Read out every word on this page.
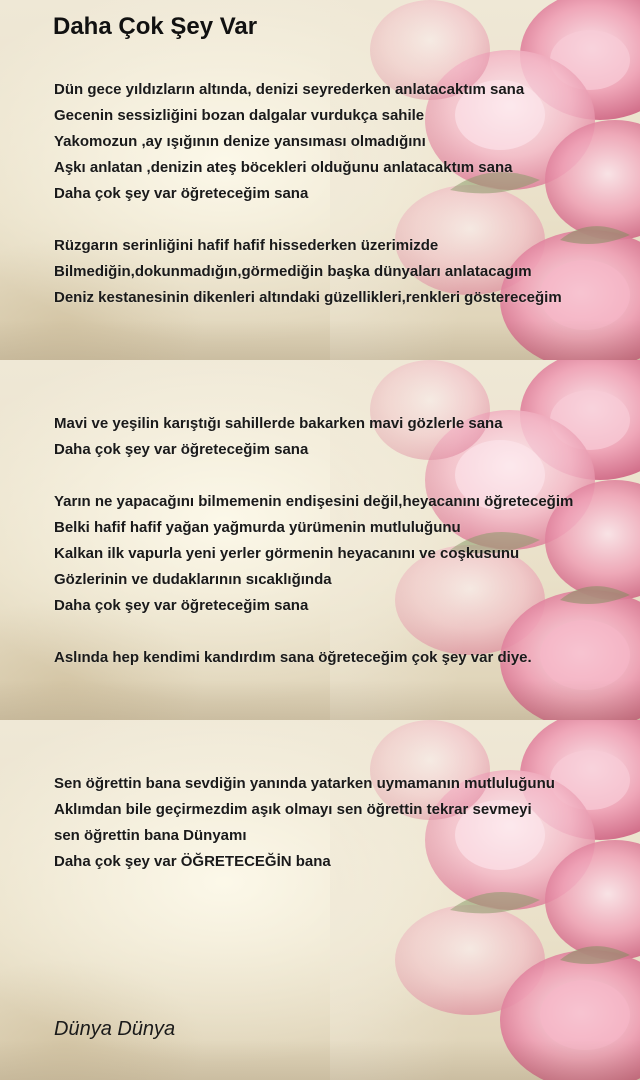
Daha Çok Şey Var
Dün gece yıldızların altında, denizi seyrederken anlatacaktım sana
Gecenin sessizliğini bozan dalgalar vurdukça sahile
Yakomozun ,ay ışığının denize yansıması olmadığını
Aşkı anlatan ,denizin ateş böcekleri olduğunu anlatacaktım sana
Daha çok şey var öğreteceğim sana
Rüzgarın serinliğini hafif hafif hissederken üzerimizde
Bilmediğin,dokunmadığın,görmediğin başka dünyaları anlatacagım
Deniz kestanesinin dikenleri altındaki güzellikleri,renkleri göstereceğim
Mavi ve yeşilin karıştığı sahillerde bakarken mavi gözlerle sana
Daha çok şey var öğreteceğim sana
Yarın ne yapacağını bilmemenin endişesini değil,heyacanını öğreteceğim
Belki hafif hafif yağan yağmurda yürümenin mutluluğunu
Kalkan ilk vapurla yeni yerler görmenin heyacanını ve coşkusunu
Gözlerinin ve dudaklarının sıcaklığında
Daha çok şey var öğreteceğim sana
Aslında hep kendimi kandırdım sana öğreteceğim çok şey var diye.
Sen öğrettin bana sevdiğin yanında yatarken uymamanın mutluluğunu
Aklımdan bile geçirmezdim aşık olmayı sen öğrettin tekrar sevmeyi
sen öğrettin bana Dünyamı
Daha çok şey var ÖĞRETECEĞİN bana
Dünya Dünya
